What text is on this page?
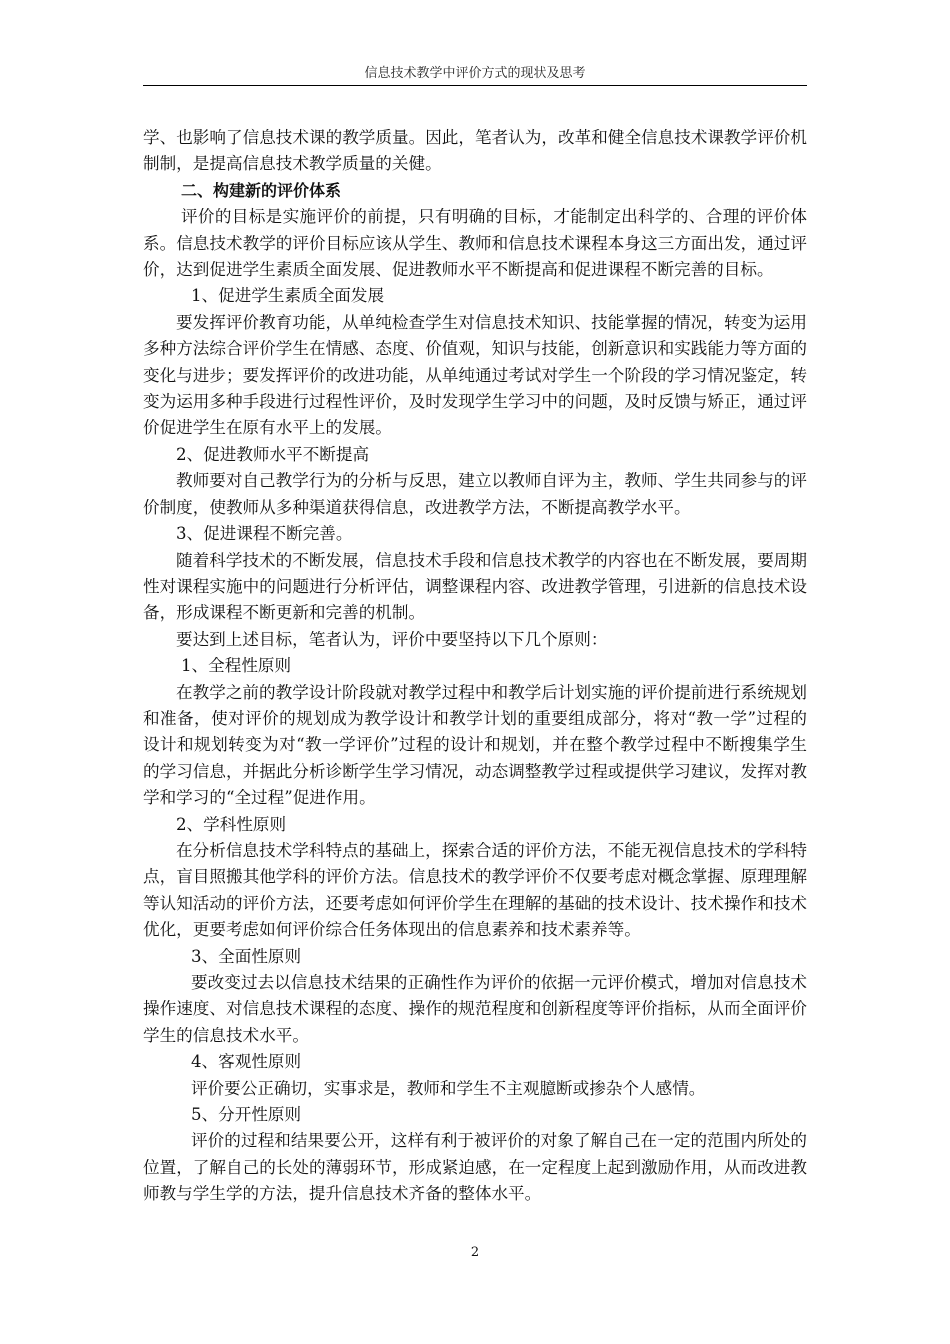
信息技术教学中评价方式的现状及思考

学、也影响了信息技术课的教学质量。因此，笔者认为，改革和健全信息技术课教学评价机制制，是提高信息技术教学质量的关健。

二、构建新的评价体系

评价的目标是实施评价的前提，只有明确的目标，才能制定出科学的、合理的评价体系。信息技术教学的评价目标应该从学生、教师和信息技术课程本身这三方面出发，通过评价，达到促进学生素质全面发展、促进教师水平不断提高和促进课程不断完善的目标。

1、促进学生素质全面发展

要发挥评价教育功能，从单纯检查学生对信息技术知识、技能掌握的情况，转变为运用多种方法综合评价学生在情感、态度、价值观，知识与技能，创新意识和实践能力等方面的变化与进步；要发挥评价的改进功能，从单纯通过考试对学生一个阶段的学习情况鉴定，转变为运用多种手段进行过程性评价，及时发现学生学习中的问题，及时反馈与矫正，通过评价促进学生在原有水平上的发展。

2、促进教师水平不断提高

教师要对自己教学行为的分析与反思，建立以教师自评为主，教师、学生共同参与的评价制度，使教师从多种渠道获得信息，改进教学方法，不断提高教学水平。

3、促进课程不断完善。

随着科学技术的不断发展，信息技术手段和信息技术教学的内容也在不断发展，要周期性对课程实施中的问题进行分析评估，调整课程内容、改进教学管理，引进新的信息技术设备，形成课程不断更新和完善的机制。

要达到上述目标，笔者认为，评价中要坚持以下几个原则：

1、全程性原则

在教学之前的教学设计阶段就对教学过程中和教学后计划实施的评价提前进行系统规划和准备，使对评价的规划成为教学设计和教学计划的重要组成部分，将对“教一学”过程的设计和规划转变为对“教一学评价”过程的设计和规划，并在整个教学过程中不断搜集学生的学习信息，并据此分析诊断学生学习情况，动态调整教学过程或提供学习建议，发挥对教学和学习的“全过程”促进作用。

2、学科性原则

在分析信息技术学科特点的基础上，探索合适的评价方法，不能无视信息技术的学科特点，盲目照搬其他学科的评价方法。信息技术的教学评价不仅要考虑对概念掌握、原理理解等认知活动的评价方法，还要考虑如何评价学生在理解的基础的技术设计、技术操作和技术优化，更要考虑如何评价综合任务体现出的信息素养和技术素养等。

3、全面性原则

要改变过去以信息技术结果的正确性作为评价的依据一元评价模式，增加对信息技术操作速度、对信息技术课程的态度、操作的规范程度和创新程度等评价指标，从而全面评价学生的信息技术水平。

4、客观性原则

评价要公正确切，实事求是，教师和学生不主观臆断或掺杂个人感情。

5、分开性原则

评价的过程和结果要公开，这样有利于被评价的对象了解自己在一定的范围内所处的位置，了解自己的长处的薄弱环节，形成紧迫感，在一定程度上起到激励作用，从而改进教师教与学生学的方法，提升信息技术齐备的整体水平。

2
